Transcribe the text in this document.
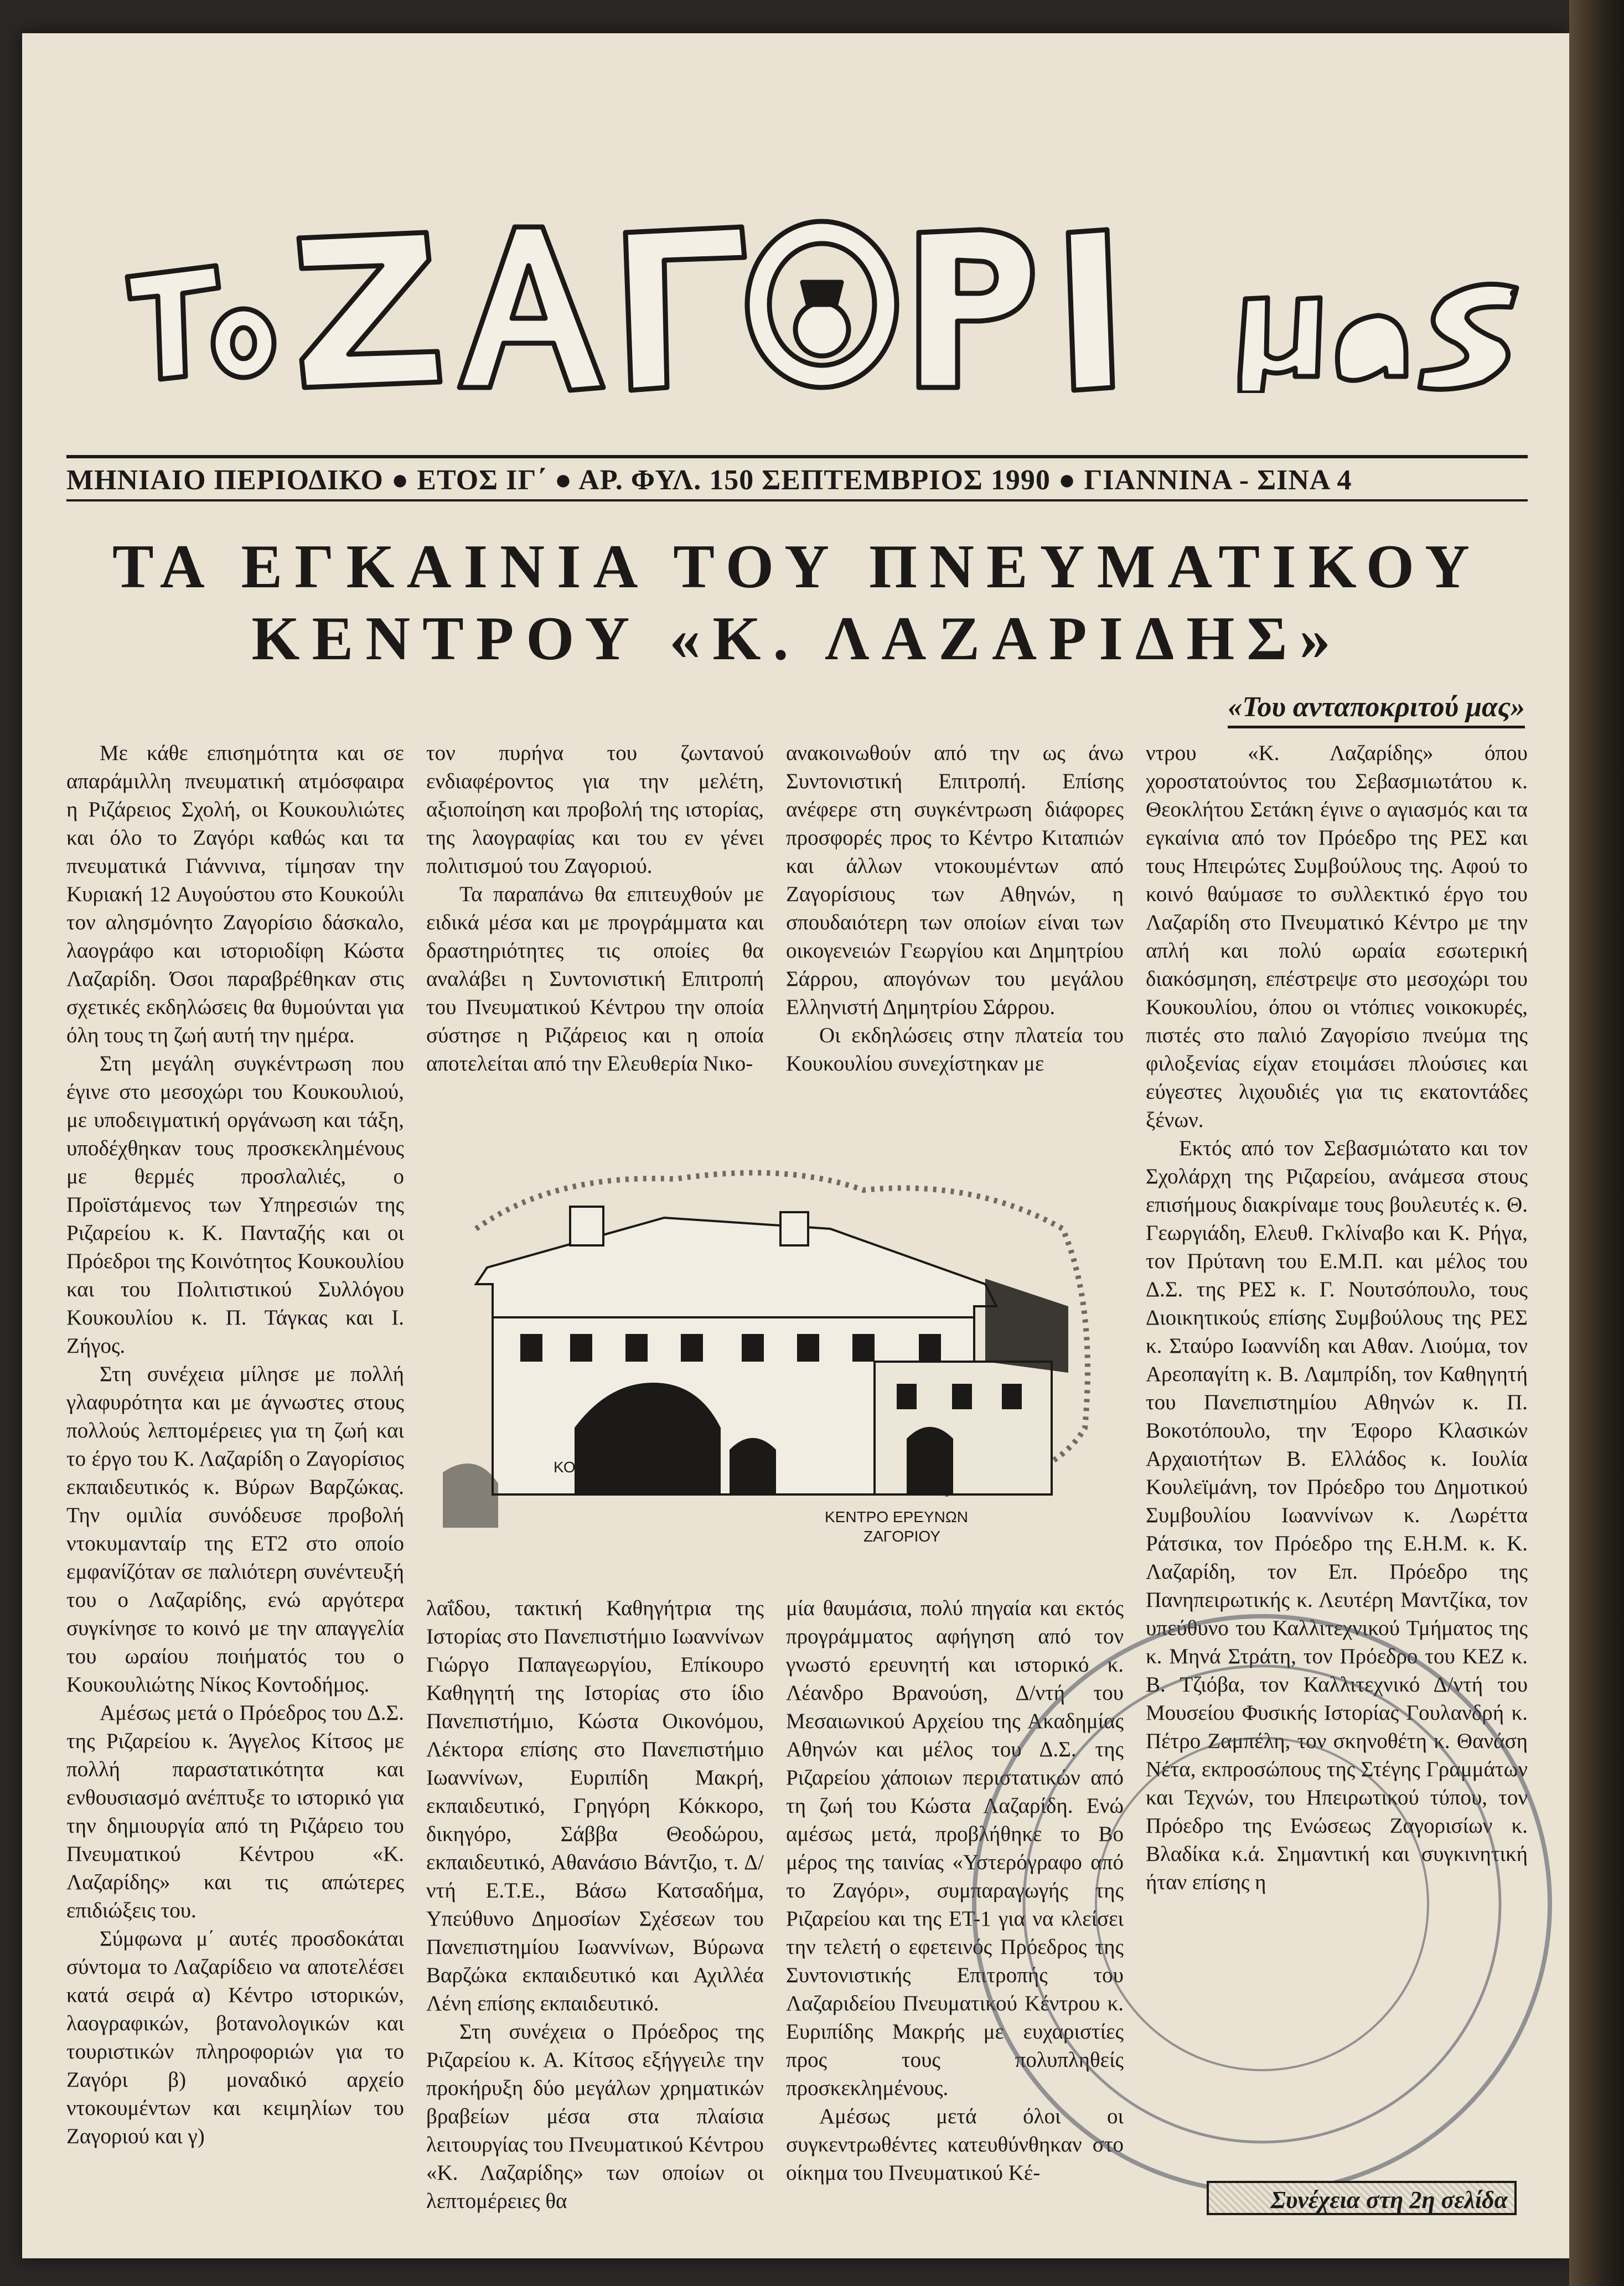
ΜΗΝΙΑΙΟ ΠΕΡΙΟΔΙΚΟ ● ΕΤΟΣ ΙΓ΄ ● ΑΡ. ΦΥΛ. 150 ΣΕΠΤΕΜΒΡΙΟΣ 1990 ● ΓΙΑΝΝΙΝΑ - ΣΙΝΑ 4
ΤΑ ΕΓΚΑΙΝΙΑ ΤΟΥ ΠΝΕΥΜΑΤΙΚΟΥ
ΚΕΝΤΡΟΥ «Κ. ΛΑΖΑΡΙΔΗΣ»
«Του ανταποκριτού μας»

Με κάθε επισημότητα και σε απαράμιλλη πνευματική ατμόσφαιρα η Ριζάρειος Σχολή, οι Κουκουλιώτες και όλο το Ζαγόρι καθώς και τα πνευματικά Γιάννινα, τίμησαν την Κυριακή 12 Αυγούστου στο Κουκούλι τον αλησμόνητο Ζαγορίσιο δάσκαλο, λαογράφο και ιστοριοδίφη Κώστα Λαζαρίδη. Όσοι παραβρέθηκαν στις σχετικές εκδηλώσεις θα θυμούνται για όλη τους τη ζωή αυτή την ημέρα.

Στη μεγάλη συγκέντρωση που έγινε στο μεσοχώρι του Κουκουλιού, με υποδειγματική οργάνωση και τάξη, υποδέχθηκαν τους προσκεκλημένους με θερμές προσλαλιές, ο Προϊστάμενος των Υπηρεσιών της Ριζαρείου κ. Κ. Πανταζής και οι Πρόεδροι της Κοινότητος Κουκουλίου και του Πολιτιστικού Συλλόγου Κουκουλίου κ. Π. Τάγκας και Ι. Ζήγος.

Στη συνέχεια μίλησε με πολλή γλαφυρότητα και με άγνωστες στους πολλούς λεπτομέρειες για τη ζωή και το έργο του Κ. Λαζαρίδη ο Ζαγορίσιος εκπαιδευτικός κ. Βύρων Βαρζώκας. Την ομιλία συνόδευσε προβολή ντοκυμανταίρ της ΕΤ2 στο οποίο εμφανίζόταν σε παλιότερη συνέντευξή του ο Λαζαρίδης, ενώ αργότερα συγκίνησε το κοινό με την απαγγελία του ωραίου ποιήματός του ο Κουκουλιώτης Νίκος Κοντοδήμος.

Αμέσως μετά ο Πρόεδρος του Δ.Σ. της Ριζαρείου κ. Άγγελος Κίτσος με πολλή παραστατικότητα και ενθουσιασμό ανέπτυξε το ιστορικό για την δημιουργία από τη Ριζάρειο του Πνευματικού Κέντρου «Κ. Λαζαρίδης» και τις απώτερες επιδιώξεις του.

Σύμφωνα μ΄ αυτές προσδοκάται σύντομα το Λαζαρίδειο να αποτελέσει κατά σειρά α) Κέντρο ιστορικών, λαογραφικών, βοτανολογικών και τουριστικών πληροφοριών για το Ζαγόρι β) μοναδικό αρχείο ντοκουμέντων και κειμηλίων του Ζαγοριού και γ)

τον πυρήνα του ζωντανού ενδιαφέροντος για την μελέτη, αξιοποίηση και προβολή της ιστορίας, της λαογραφίας και του εν γένει πολιτισμού του Ζαγοριού.

Τα παραπάνω θα επιτευχθούν με ειδικά μέσα και με προγράμματα και δραστηριότητες τις οποίες θα αναλάβει η Συντονιστική Επιτροπή του Πνευματικού Κέντρου την οποία σύστησε η Ριζάρειος και η οποία αποτελείται από την Ελευθερία Νικο-

λαΐδου, τακτική Καθηγήτρια της Ιστορίας στο Πανεπιστήμιο Ιωαννίνων Γιώργο Παπαγεωργίου, Επίκουρο Καθηγητή της Ιστορίας στο ίδιο Πανεπιστήμιο, Κώστα Οικονόμου, Λέκτορα επίσης στο Πανεπιστήμιο Ιωαννίνων, Ευριπίδη Μακρή, εκπαιδευτικό, Γρηγόρη Κόκκορο, δικηγόρο, Σάββα Θεοδώρου, εκπαιδευτικό, Αθανάσιο Βάντζιο, τ. Δ/ντή Ε.Τ.Ε., Βάσω Κατσαδήμα, Υπεύθυνο Δημοσίων Σχέσεων του Πανεπιστημίου Ιωαννίνων, Βύρωνα Βαρζώκα εκπαιδευτικό και Αχιλλέα Λένη επίσης εκπαιδευτικό.

Στη συνέχεια ο Πρόεδρος της Ριζαρείου κ. Α. Κίτσος εξήγγειλε την προκήρυξη δύο μεγάλων χρηματικών βραβείων μέσα στα πλαίσια λειτουργίας του Πνευματικού Κέντρου «Κ. Λαζαρίδης» των οποίων οι λεπτομέρειες θα

ανακοινωθούν από την ως άνω Συντονιστική Επιτροπή. Επίσης ανέφερε στη συγκέντρωση διάφορες προσφορές προς το Κέντρο Κιταπιών και άλλων ντοκουμέντων από Ζαγορίσιους των Αθηνών, η σπουδαιότερη των οποίων είναι των οικογενειών Γεωργίου και Δημητρίου Σάρρου, απογόνων του μεγάλου Ελληνιστή Δημητρίου Σάρρου.

Οι εκδηλώσεις στην πλατεία του Κουκουλίου συνεχίστηκαν με

μία θαυμάσια, πολύ πηγαία και εκτός προγράμματος αφήγηση από τον γνωστό ερευνητή και ιστορικό κ. Λέανδρο Βρανούση, Δ/ντή του Μεσαιωνικού Αρχείου της Ακαδημίας Αθηνών και μέλος του Δ.Σ. της Ριζαρείου χάποιων περιστατικών από τη ζωή του Κώστα Λαζαρίδη. Ενώ αμέσως μετά, προβλήθηκε το Βο μέρος της ταινίας «Υστερόγραφο από το Ζαγόρι», συμπαραγωγής της Ριζαρείου και της ΕΤ-1 για να κλείσει την τελετή ο εφετεινός Πρόεδρος της Συντονιστικής Επιτροπής του Λαζαριδείου Πνευματικού Κέντρου κ. Ευριπίδης Μακρής με ευχαριστίες προς τους πολυπληθείς προσκεκλημένους.

Αμέσως μετά όλοι οι συγκεντρωθέντες κατευθύνθηκαν στο οίκημα του Πνευματικού Κέ-

ντρου «Κ. Λαζαρίδης» όπου χοροστατούντος του Σεβασμιωτάτου κ. Θεοκλήτου Σετάκη έγινε ο αγιασμός και τα εγκαίνια από τον Πρόεδρο της ΡΕΣ και τους Ηπειρώτες Συμβούλους της. Αφού το κοινό θαύμασε το συλλεκτικό έργο του Λαζαρίδη στο Πνευματικό Κέντρο με την απλή και πολύ ωραία εσωτερική διακόσμηση, επέστρεψε στο μεσοχώρι του Κουκουλίου, όπου οι ντόπιες νοικοκυρές, πιστές στο παλιό Ζαγορίσιο πνεύμα της φιλοξενίας είχαν ετοιμάσει πλούσιες και εύγεστες λιχουδιές για τις εκατοντάδες ξένων.

Εκτός από τον Σεβασμιώτατο και τον Σχολάρχη της Ριζαρείου, ανάμεσα στους επισήμους διακρίναμε τους βουλευτές κ. Θ. Γεωργιάδη, Ελευθ. Γκλίναβο και Κ. Ρήγα, τον Πρύτανη του Ε.Μ.Π. και μέλος του Δ.Σ. της ΡΕΣ κ. Γ. Νουτσόπουλο, τους Διοικητικούς επίσης Συμβούλους της ΡΕΣ κ. Σταύρο Ιωαννίδη και Αθαν. Λιούμα, τον Αρεοπαγίτη κ. Β. Λαμπρίδη, τον Καθηγητή του Πανεπιστημίου Αθηνών κ. Π. Βοκοτόπουλο, την Έφορο Κλασικών Αρχαιοτήτων Β. Ελλάδος κ. Ιουλία Κουλεϊμάνη, τον Πρόεδρο του Δημοτικού Συμβουλίου Ιωαννίνων κ. Λωρέττα Ράτσικα, τον Πρόεδρο της Ε.Η.Μ. κ. Κ. Λαζαρίδη, τον Επ. Πρόεδρο της Πανηπειρωτικής κ. Λευτέρη Μαντζίκα, τον υπεύθυνο του Καλλιτεχνικού Τμήματος της κ. Μηνά Στράτη, τον Πρόεδρο του ΚΕΖ κ. Β. Τζιόβα, τον Καλλιτεχνικό Δ/ντή του Μουσείου Φυσικής Ιστορίας Γουλανδρή κ. Πέτρο Ζαμπέλη, τον σκηνοθέτη κ. Θανάση Νέτα, εκπροσώπους της Στέγης Γραμμάτων και Τεχνών, του Ηπειρωτικού τύπου, τον Πρόεδρο της Ενώσεως Ζαγορισίων κ. Βλαδίκα κ.ά. Σημαντική και συγκινητική ήταν επίσης η

ΚΟΥΚΟΥΛΙ
ΚΕΝΤΡΟ ΕΡΕΥΝΩΝ
ΖΑΓΟΡΙΟΥ
Συνέχεια στη 2η σελίδα
